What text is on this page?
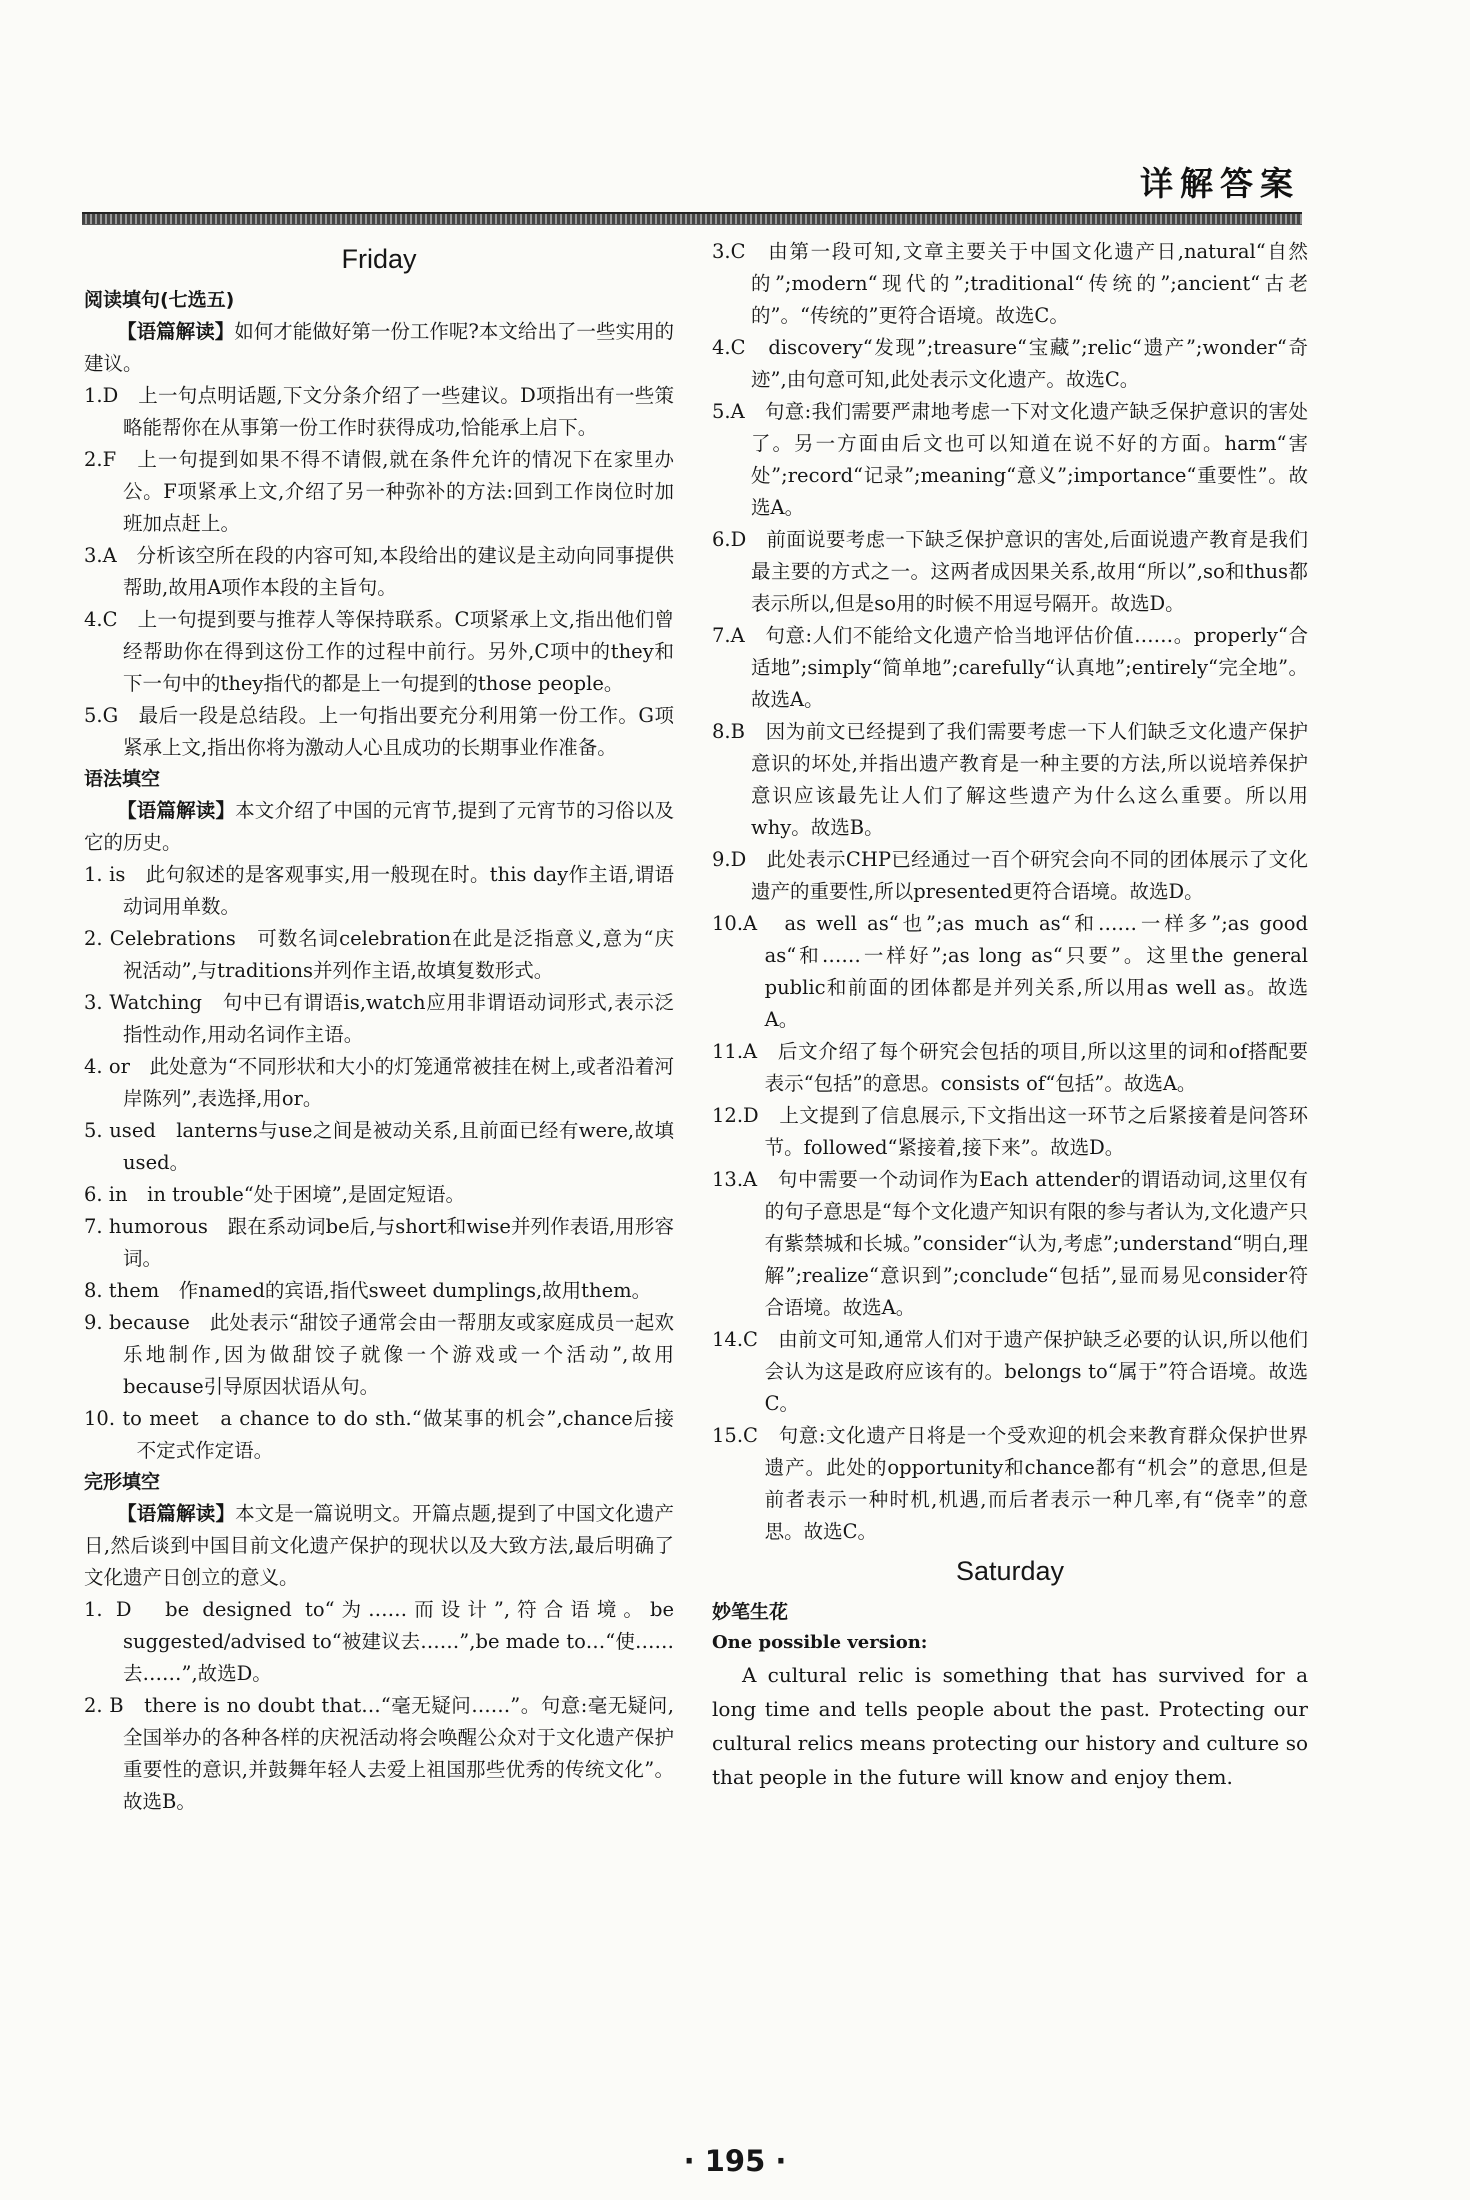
详解答案
Friday
阅读填句(七选五)

【语篇解读】如何才能做好第一份工作呢?本文给出了一些实用的建议。

1.D　上一句点明话题,下文分条介绍了一些建议。D项指出有一些策略能帮你在从事第一份工作时获得成功,恰能承上启下。

2.F　上一句提到如果不得不请假,就在条件允许的情况下在家里办公。F项紧承上文,介绍了另一种弥补的方法:回到工作岗位时加班加点赶上。

3.A　分析该空所在段的内容可知,本段给出的建议是主动向同事提供帮助,故用A项作本段的主旨句。

4.C　上一句提到要与推荐人等保持联系。C项紧承上文,指出他们曾经帮助你在得到这份工作的过程中前行。另外,C项中的they和下一句中的they指代的都是上一句提到的those people。

5.G　最后一段是总结段。上一句指出要充分利用第一份工作。G项紧承上文,指出你将为激动人心且成功的长期事业作准备。

语法填空

【语篇解读】本文介绍了中国的元宵节,提到了元宵节的习俗以及它的历史。

1. is　此句叙述的是客观事实,用一般现在时。this day作主语,谓语动词用单数。

2. Celebrations　可数名词celebration在此是泛指意义,意为“庆祝活动”,与traditions并列作主语,故填复数形式。

3. Watching　句中已有谓语is,watch应用非谓语动词形式,表示泛指性动作,用动名词作主语。

4. or　此处意为“不同形状和大小的灯笼通常被挂在树上,或者沿着河岸陈列”,表选择,用or。

5. used　lanterns与use之间是被动关系,且前面已经有were,故填used。

6. in　in trouble“处于困境”,是固定短语。

7. humorous　跟在系动词be后,与short和wise并列作表语,用形容词。

8. them　作named的宾语,指代sweet dumplings,故用them。

9. because　此处表示“甜饺子通常会由一帮朋友或家庭成员一起欢乐地制作,因为做甜饺子就像一个游戏或一个活动”,故用because引导原因状语从句。

10. to meet　a chance to do sth.“做某事的机会”,chance后接不定式作定语。

完形填空

【语篇解读】本文是一篇说明文。开篇点题,提到了中国文化遗产日,然后谈到中国目前文化遗产保护的现状以及大致方法,最后明确了文化遗产日创立的意义。

1. D　be designed to“为……而设计”,符合语境。be suggested/advised to“被建议去……”,be made to…“使……去……”,故选D。

2. B　there is no doubt that…“毫无疑问……”。句意:毫无疑问,全国举办的各种各样的庆祝活动将会唤醒公众对于文化遗产保护重要性的意识,并鼓舞年轻人去爱上祖国那些优秀的传统文化”。故选B。

3.C　由第一段可知,文章主要关于中国文化遗产日,natural“自然的”;modern“现代的”;traditional“传统的”;ancient“古老的”。“传统的”更符合语境。故选C。

4.C　discovery“发现”;treasure“宝藏”;relic“遗产”;wonder“奇迹”,由句意可知,此处表示文化遗产。故选C。

5.A　句意:我们需要严肃地考虑一下对文化遗产缺乏保护意识的害处了。另一方面由后文也可以知道在说不好的方面。harm“害处”;record“记录”;meaning“意义”;importance“重要性”。故选A。

6.D　前面说要考虑一下缺乏保护意识的害处,后面说遗产教育是我们最主要的方式之一。这两者成因果关系,故用“所以”,so和thus都表示所以,但是so用的时候不用逗号隔开。故选D。

7.A　句意:人们不能给文化遗产恰当地评估价值……。properly“合适地”;simply“简单地”;carefully“认真地”;entirely“完全地”。故选A。

8.B　因为前文已经提到了我们需要考虑一下人们缺乏文化遗产保护意识的坏处,并指出遗产教育是一种主要的方法,所以说培养保护意识应该最先让人们了解这些遗产为什么这么重要。所以用why。故选B。

9.D　此处表示CHP已经通过一百个研究会向不同的团体展示了文化遗产的重要性,所以presented更符合语境。故选D。

10.A　as well as“也”;as much as“和……一样多”;as good as“和……一样好”;as long as“只要”。这里the general public和前面的团体都是并列关系,所以用as well as。故选A。

11.A　后文介绍了每个研究会包括的项目,所以这里的词和of搭配要表示“包括”的意思。consists of“包括”。故选A。

12.D　上文提到了信息展示,下文指出这一环节之后紧接着是问答环节。followed“紧接着,接下来”。故选D。

13.A　句中需要一个动词作为Each attender的谓语动词,这里仅有的句子意思是“每个文化遗产知识有限的参与者认为,文化遗产只有紫禁城和长城。”consider“认为,考虑”;understand“明白,理解”;realize“意识到”;conclude“包括”,显而易见consider符合语境。故选A。

14.C　由前文可知,通常人们对于遗产保护缺乏必要的认识,所以他们会认为这是政府应该有的。belongs to“属于”符合语境。故选C。

15.C　句意:文化遗产日将是一个受欢迎的机会来教育群众保护世界遗产。此处的opportunity和chance都有“机会”的意思,但是前者表示一种时机,机遇,而后者表示一种几率,有“侥幸”的意思。故选C。

Saturday
妙笔生花
One possible version:

A cultural relic is something that has survived for a long time and tells people about the past. Protecting our cultural relics means protecting our history and culture so that people in the future will know and enjoy them.

· 195 ·
